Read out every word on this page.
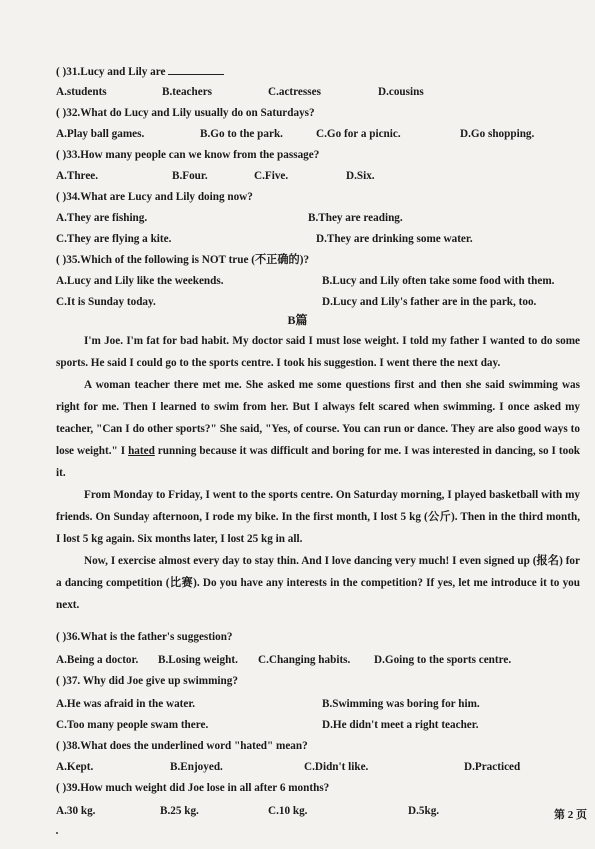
( )31.Lucy and Lily are
A.students	B.teachers	C.actresses	D.cousins
( )32.What do Lucy and Lily usually do on Saturdays?
A.Play ball games.	B.Go to the park.	C.Go for a picnic.	D.Go shopping.
( )33.How many people can we know from the passage?
A.Three.	B.Four.	C.Five.	D.Six.
( )34.What are Lucy and Lily doing now?
A.They are fishing.	B.They are reading.
C.They are flying a kite.	D.They are drinking some water.
( )35.Which of the following is NOT true (不正确的)?
A.Lucy and Lily like the weekends.	B.Lucy and Lily often take some food with them.
C.It is Sunday today.	D.Lucy and Lily's father are in the park, too.
B篇
I'm Joe. I'm fat for bad habit. My doctor said I must lose weight. I told my father I wanted to do some sports. He said I could go to the sports centre. I took his suggestion. I went there the next day.
A woman teacher there met me. She asked me some questions first and then she said swimming was right for me. Then I learned to swim from her. But I always felt scared when swimming. I once asked my teacher, "Can I do other sports?" She said, "Yes, of course. You can run or dance. They are also good ways to lose weight." I hated running because it was difficult and boring for me. I was interested in dancing, so I took it.
From Monday to Friday, I went to the sports centre. On Saturday morning, I played basketball with my friends. On Sunday afternoon, I rode my bike. In the first month, I lost 5 kg (公斤). Then in the third month, I lost 5 kg again. Six months later, I lost 25 kg in all.
Now, I exercise almost every day to stay thin. And I love dancing very much! I even signed up (报名) for a dancing competition (比赛). Do you have any interests in the competition? If yes, let me introduce it to you next.
( )36.What is the father's suggestion?
A.Being a doctor. B.Losing weight. C.Changing habits. D.Going to the sports centre.
( )37. Why did Joe give up swimming?
A.He was afraid in the water.	B.Swimming was boring for him.
C.Too many people swam there.	D.He didn't meet a right teacher.
( )38.What does the underlined word "hated" mean?
A.Kept.	B.Enjoyed.	C.Didn't like.	D.Practiced
( )39.How much weight did Joe lose in all after 6 months?
A.30 kg.	B.25 kg.	C.10 kg.	D.5kg.	第 2 页
